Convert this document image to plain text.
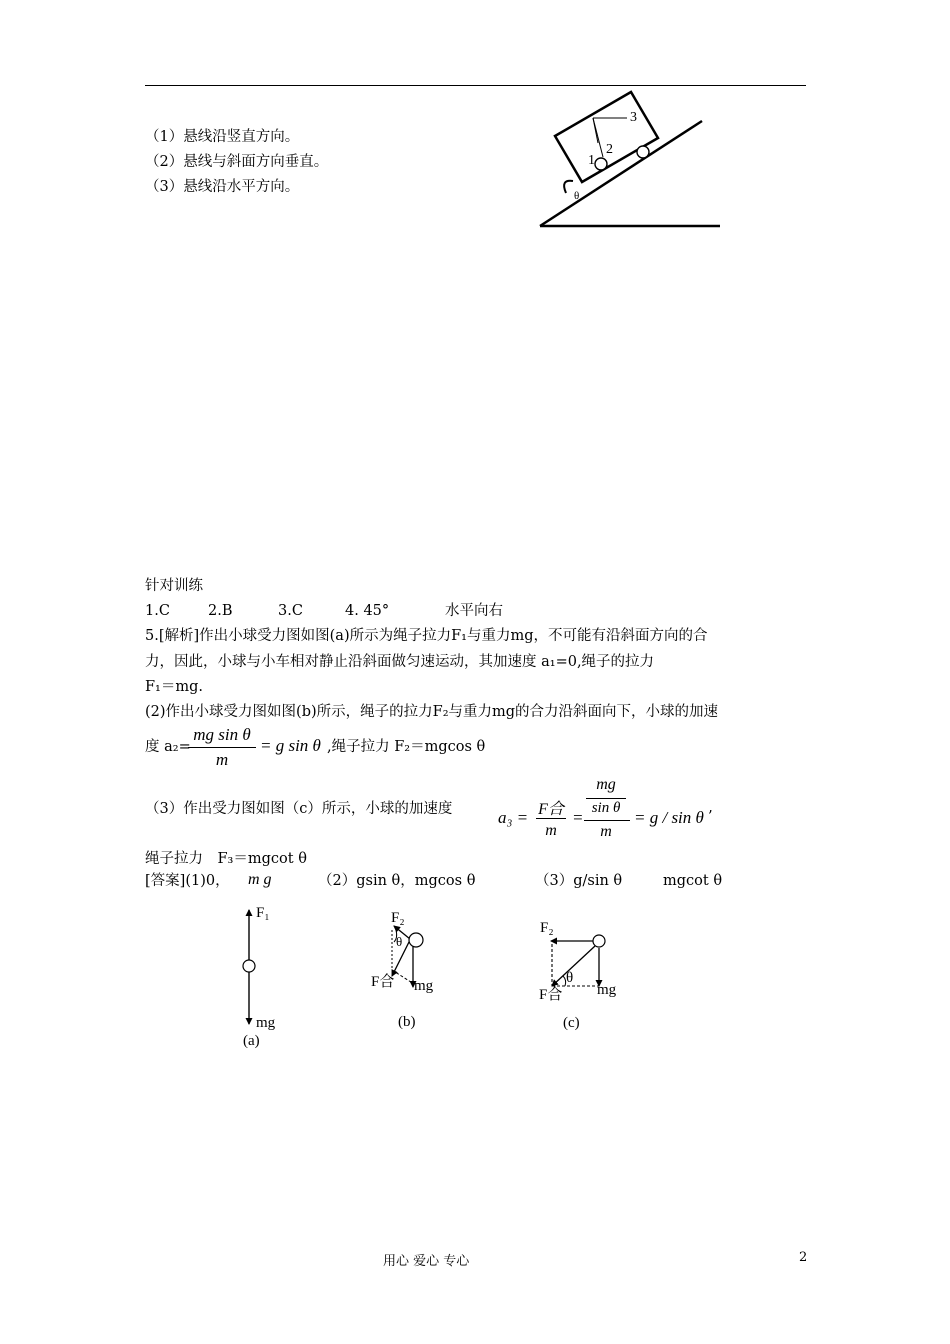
（1）悬线沿竖直方向。
（2）悬线与斜面方向垂直。
（3）悬线沿水平方向。
3
2
1
θ
针对训练
1.C	2.B	3.C	4. 45°	水平向右
5.[解析]作出小球受力图如图(a)所示为绳子拉力F₁与重力mg，不可能有沿斜面方向的合
力，因此，小球与小车相对静止沿斜面做匀速运动，其加速度 a₁=0,绳子的拉力
F₁＝mg.
(2)作出小球受力图如图(b)所示，绳子的拉力F₂与重力mg的合力沿斜面向下，小球的加速
度 a₂=
mg sin θ
m
= g sin θ ,绳子拉力 F₂＝mgcos θ
（3）作出受力图如图（c）所示，小球的加速度	a₃ = F合
m
=
mg
sin θ
m
= g / sin θ ’
绳子拉力　F₃＝mgcot θ
[答案](1)0， m g	（2）gsin θ，mgcos θ	（3）g/sin θ	mgcot θ
F₁
mg
(a)
F₂
θ
F合 mg
(b)
F₂
θ
F合 mg
(c)
用心 爱心 专心	2
